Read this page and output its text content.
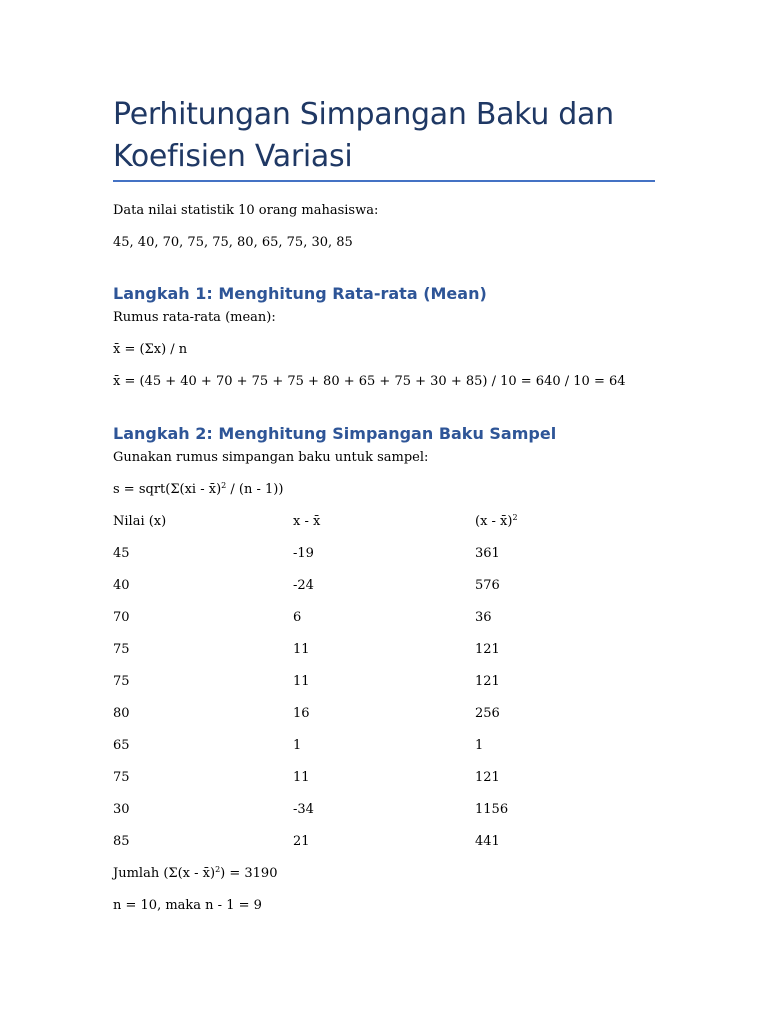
Perhitungan Simpangan Baku dan Koefisien Variasi
Data nilai statistik 10 orang mahasiswa:
45, 40, 70, 75, 75, 80, 65, 75, 30, 85
Langkah 1: Menghitung Rata-rata (Mean)
Rumus rata-rata (mean):
x̄ = (Σx) / n
x̄ = (45 + 40 + 70 + 75 + 75 + 80 + 65 + 75 + 30 + 85) / 10 = 640 / 10 = 64
Langkah 2: Menghitung Simpangan Baku Sampel
Gunakan rumus simpangan baku untuk sampel:
s = sqrt(Σ(xi - x̄)$^2$ / (n - 1))
Nilai (x)	x - x̄	(x - x̄)$^2$
45	-19	361
40	-24	576
70	6	36
75	11	121
75	11	121
80	16	256
65	1	1
75	11	121
30	-34	1156
85	21	441
Jumlah (Σ(x - x̄)$^2$) = 3190
n = 10, maka n - 1 = 9
